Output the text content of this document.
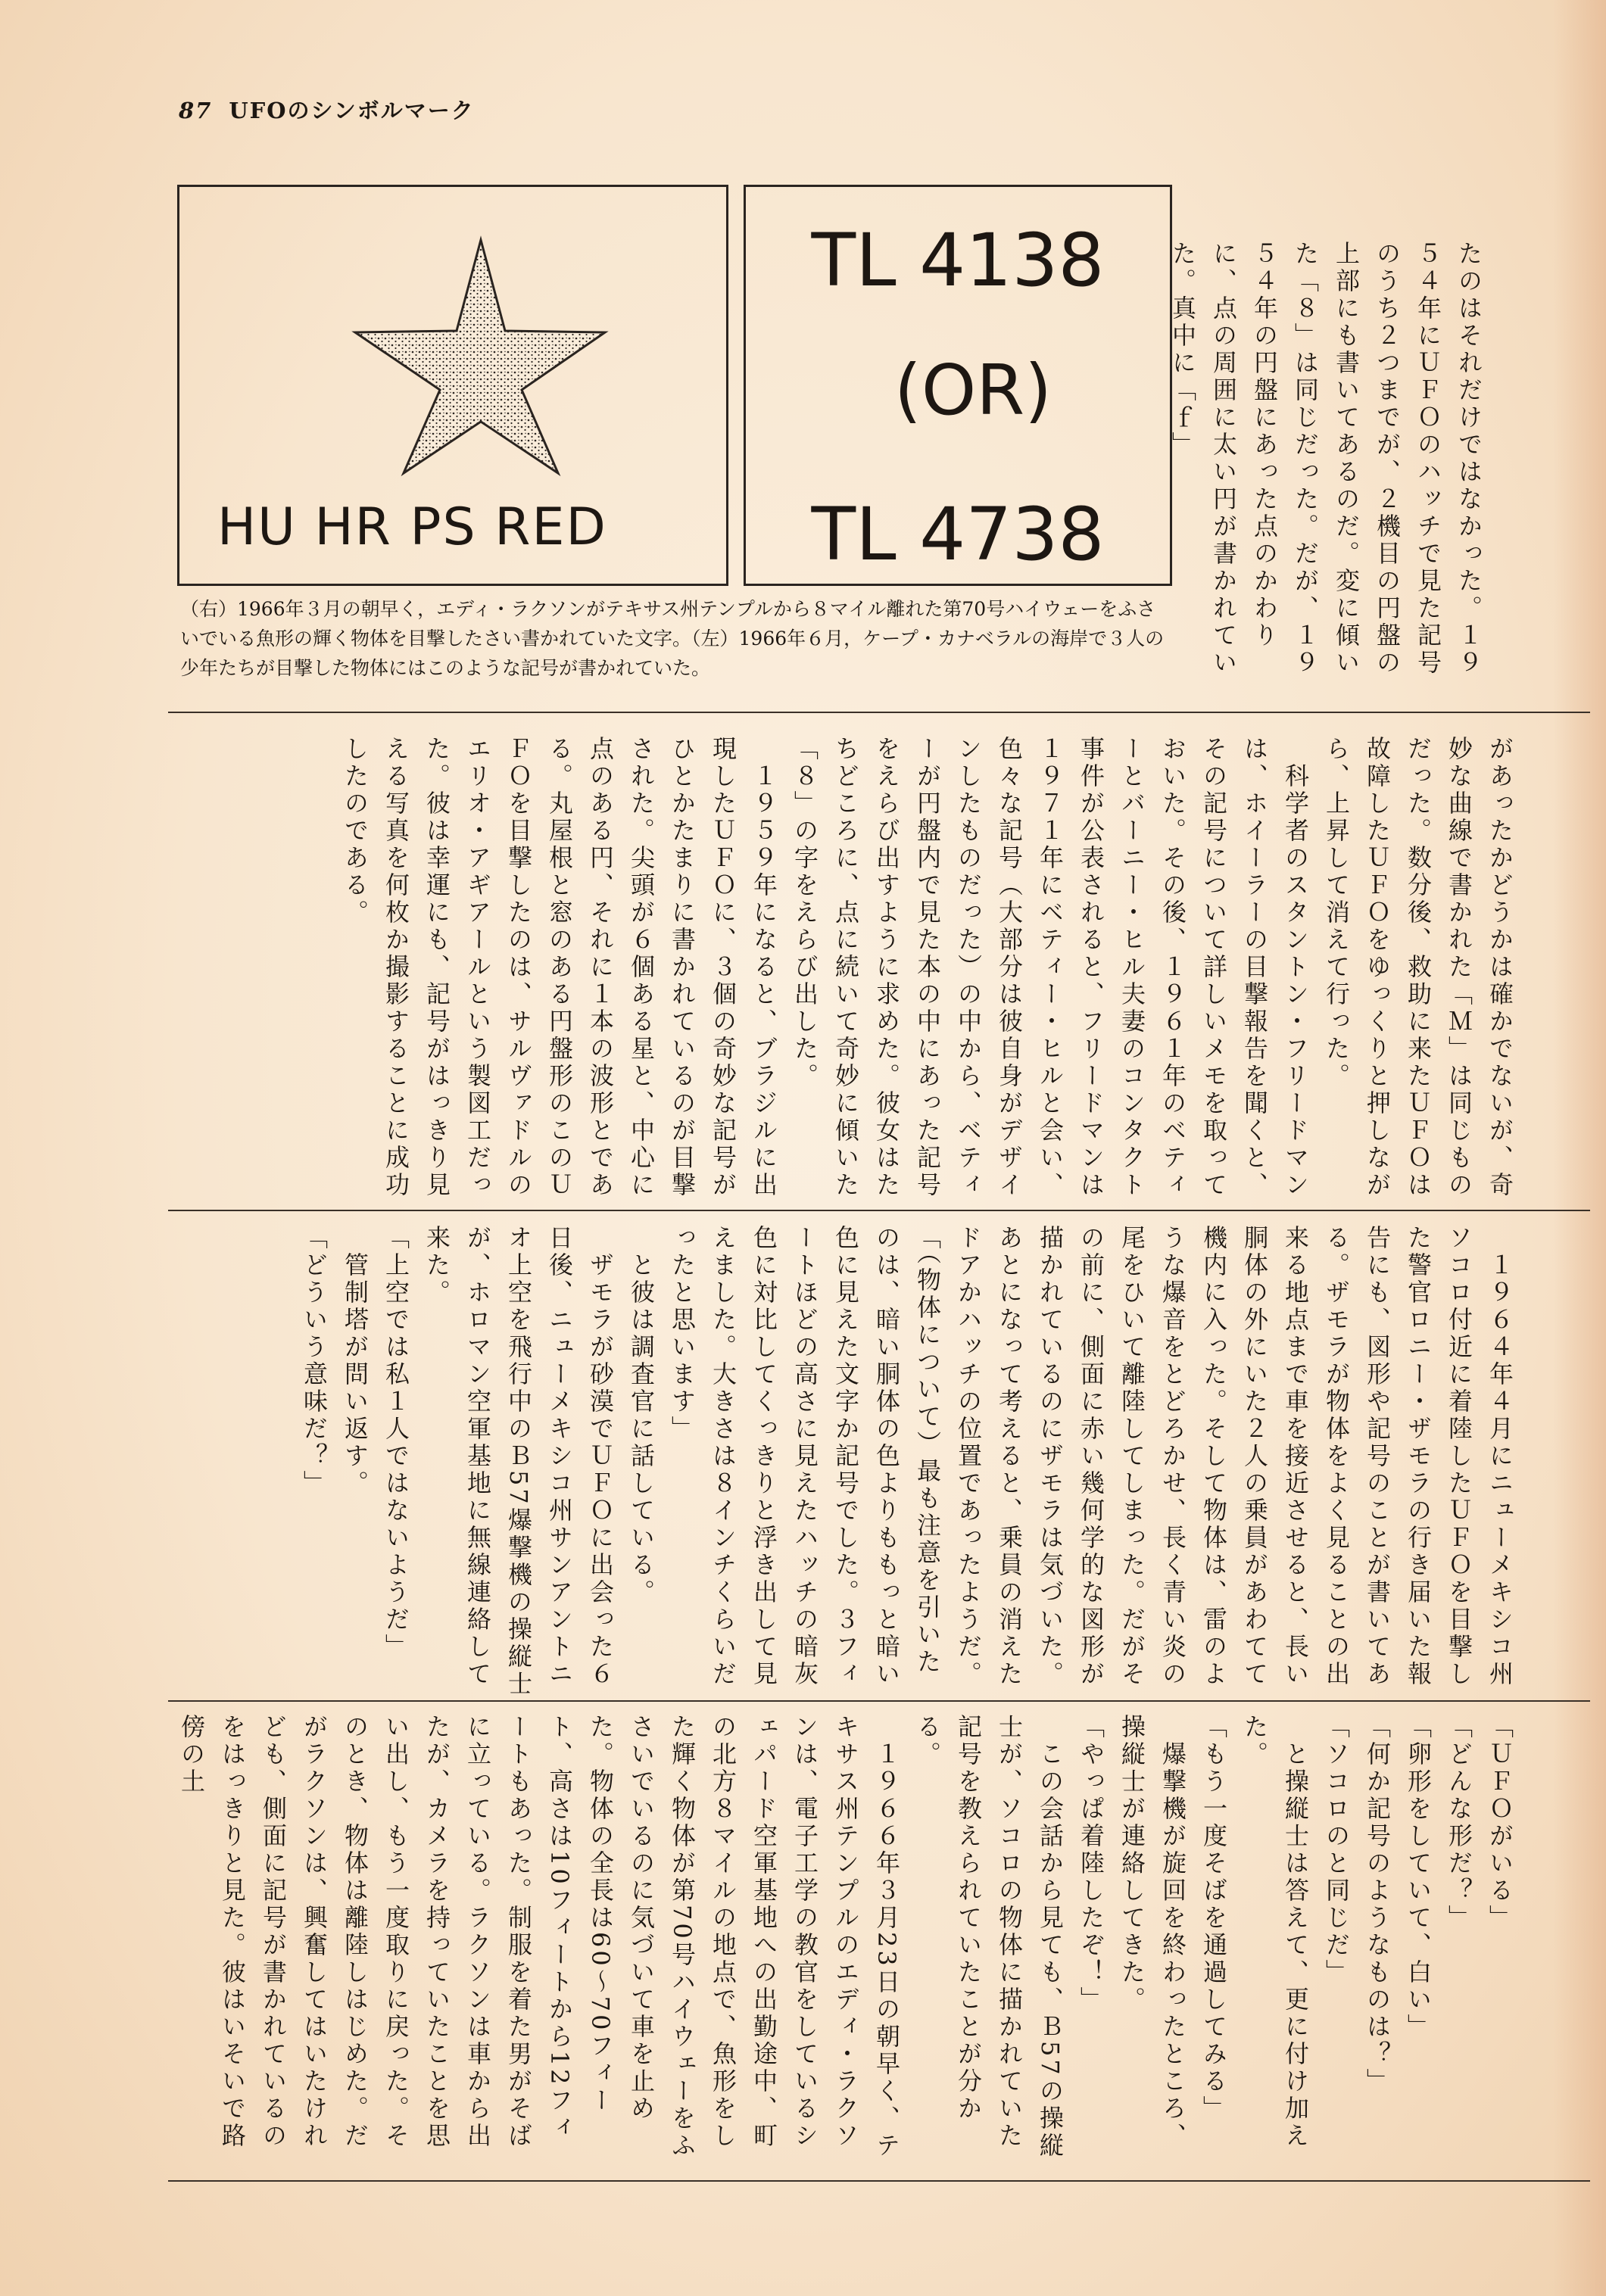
87 UFOのシンボルマーク
HU HR PS RED
TL 4138
(OR)
TL 4738
（右）1966年３月の朝早く，エディ・ラクソンがテキサス州テンプルから８マイル離れた第70号ハイウェーをふさいでいる魚形の輝く物体を目撃したさい書かれていた文字。（左）1966年６月，ケープ・カナベラルの海岸で３人の少年たちが目撃した物体にはこのような記号が書かれていた。	たのはそれだけではなかった。１９５４年にＵＦＯのハッチで見た記号のうち２つまでが、２機目の円盤の上部にも書いてあるのだ。変に傾いた「８」は同じだった。だが、１９５４年の円盤にあった点のかわりに、点の周囲に太い円が書かれていた。真中に「ｆ」
があったかどうかは確かでないが、奇妙な曲線で書かれた「Ｍ」は同じものだった。数分後、救助に来たＵＦＯは故障したＵＦＯをゆっくりと押しながら、上昇して消えて行った。
　科学者のスタントン・フリードマンは、ホイーラーの目撃報告を聞くと、その記号について詳しいメモを取っておいた。その後、１９６１年のベティーとバーニー・ヒル夫妻のコンタクト事件が公表されると、フリードマンは１９７１年にベティー・ヒルと会い、色々な記号（大部分は彼自身がデザインしたものだった）の中から、ベティーが円盤内で見た本の中にあった記号をえらび出すように求めた。彼女はたちどころに、点に続いて奇妙に傾いた「８」の字をえらび出した。
　１９５９年になると、ブラジルに出現したＵＦＯに、３個の奇妙な記号がひとかたまりに書かれているのが目撃された。尖頭が６個ある星と、中心に点のある円、それに１本の波形とである。丸屋根と窓のある円盤形のこのＵＦＯを目撃したのは、サルヴァドルのエリオ・アギアールという製図工だった。彼は幸運にも、記号がはっきり見える写真を何枚か撮影することに成功したのである。
　１９６４年４月にニューメキシコ州ソコロ付近に着陸したＵＦＯを目撃した警官ロニー・ザモラの行き届いた報告にも、図形や記号のことが書いてある。ザモラが物体をよく見ることの出来る地点まで車を接近させると、長い胴体の外にいた２人の乗員があわてて機内に入った。そして物体は、雷のような爆音をとどろかせ、長く青い炎の尾をひいて離陸してしまった。だがその前に、側面に赤い幾何学的な図形が描かれているのにザモラは気づいた。あとになって考えると、乗員の消えたドアかハッチの位置であったようだ。
「（物体について）最も注意を引いたのは、暗い胴体の色よりももっと暗い色に見えた文字か記号でした。３フィートほどの高さに見えたハッチの暗灰色に対比してくっきりと浮き出して見えました。大きさは８インチくらいだったと思います」
　と彼は調査官に話している。
　ザモラが砂漠でＵＦＯに出会った６日後、ニューメキシコ州サンアントニオ上空を飛行中のＢ57爆撃機の操縦士が、ホロマン空軍基地に無線連絡して来た。
「上空では私１人ではないようだ」
　管制塔が問い返す。
「どういう意味だ？」
「ＵＦＯがいる」
「どんな形だ？」
「卵形をしていて、白い」
「何か記号のようなものは？」
「ソコロのと同じだ」
　と操縦士は答えて、更に付け加えた。
「もう一度そばを通過してみる」
　爆撃機が旋回を終わったところ、操縦士が連絡してきた。
「やっぱ着陸したぞ！」
　この会話から見ても、Ｂ57の操縦士が、ソコロの物体に描かれていた記号を教えられていたことが分かる。
　１９６６年３月23日の朝早く、テキサス州テンプルのエディ・ラクソンは、電子工学の教官をしているシェパード空軍基地への出勤途中、町の北方８マイルの地点で、魚形をした輝く物体が第70号ハイウェーをふさいでいるのに気づいて車を止めた。物体の全長は60〜70フィート、高さは10フィートから12フィートもあった。制服を着た男がそばに立っている。ラクソンは車から出たが、カメラを持っていたことを思い出し、もう一度取りに戻った。そのとき、物体は離陸しはじめた。だがラクソンは、興奮してはいたけれども、側面に記号が書かれているのをはっきりと見た。彼はいそいで路傍の土
